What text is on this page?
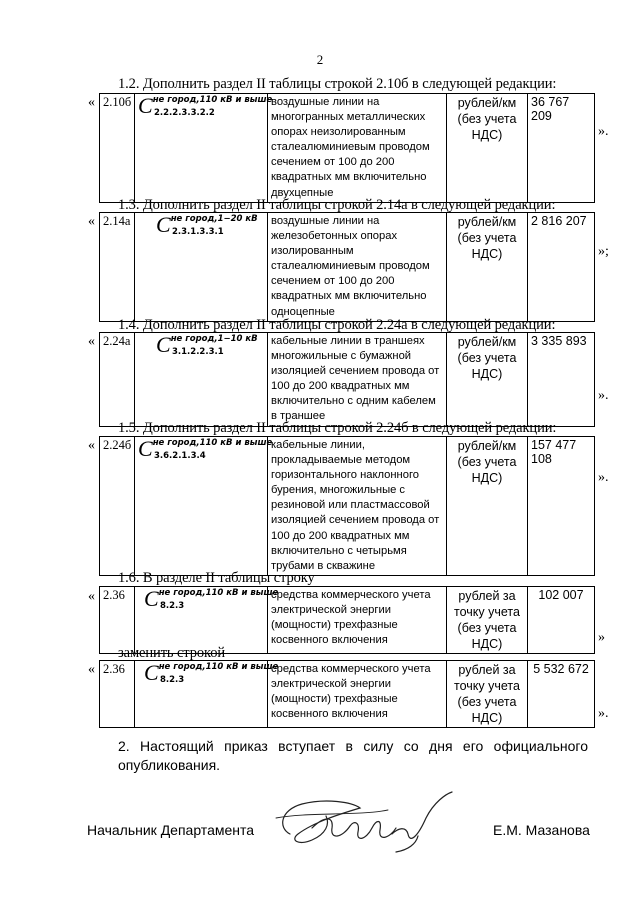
2
1.2. Дополнить раздел II таблицы строкой 2.10б в следующей редакции:
« 2.10б	Cне город,110 кВ и выше
2.2.2.3.3.2.2
	воздушные линии на многогранных металлических опорах неизолированным сталеалюминиевым проводом сечением от 100 до 200 квадратных мм включительно двухцепные	рублей/км (без учета НДС)	36 767 209
».
1.3. Дополнить раздел II таблицы строкой 2.14а в следующей редакции:
« 2.14а	Cне город,1−20 кВ
2.3.1.3.3.1
	воздушные линии на железобетонных опорах изолированным сталеалюминиевым проводом сечением от 100 до 200 квадратных мм включительно одноцепные	рублей/км (без учета НДС)	2 816 207
»;
1.4. Дополнить раздел II таблицы строкой 2.24а в следующей редакции:
« 2.24а	Cне город,1−10 кВ
3.1.2.2.3.1
	кабельные линии в траншеях многожильные с бумажной изоляцией сечением провода от 100 до 200 квадратных мм включительно с одним кабелем в траншее	рублей/км (без учета НДС)	3 335 893
».
1.5. Дополнить раздел II таблицы строкой 2.24б в следующей редакции:
« 2.24б	Cне город,110 кВ и выше
3.6.2.1.3.4
	кабельные линии, прокладываемые методом горизонтального наклонного бурения, многожильные с резиновой или пластмассовой изоляцией сечением провода от 100 до 200 квадратных мм включительно с четырьмя трубами в скважине	рублей/км (без учета НДС)	157 477 108
».
1.6. В разделе II таблицы строку
« 2.36	Cне город,110 кВ и выше
8.2.3
	средства коммерческого учета электрической энергии (мощности) трехфазные косвенного включения	рублей за точку учета (без учета НДС)	102 007
»
заменить строкой
« 2.36	Cне город,110 кВ и выше
8.2.3
	средства коммерческого учета электрической энергии (мощности) трехфазные косвенного включения	рублей за точку учета (без учета НДС)	5 532 672
».
2. Настоящий приказ вступает в силу со дня его официального опубликования.
Начальник Департамента	Е.М. Мазанова
